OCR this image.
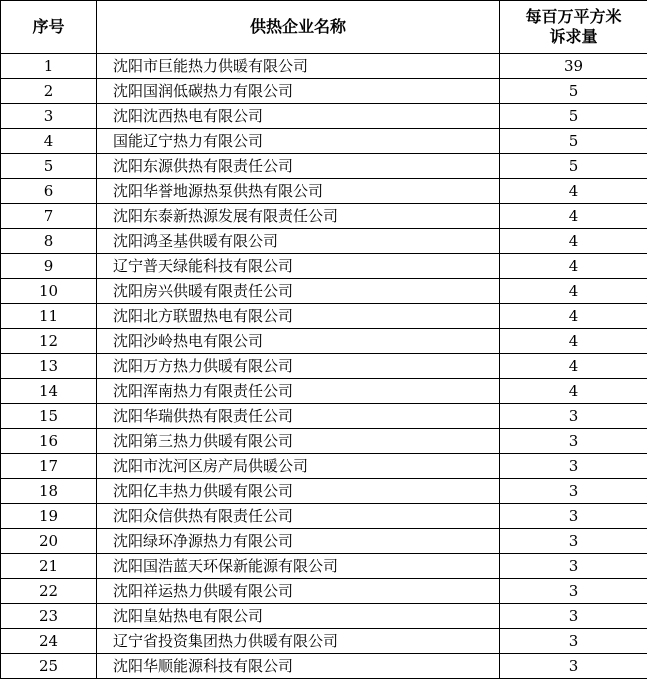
序号	供热企业名称	每百万平方米
诉求量

1	沈阳市巨能热力供暖有限公司	39
2	沈阳国润低碳热力有限公司	5
3	沈阳沈西热电有限公司	5
4	国能辽宁热力有限公司	5
5	沈阳东源供热有限责任公司	5
6	沈阳华誉地源热泵供热有限公司	4
7	沈阳东泰新热源发展有限责任公司	4
8	沈阳鸿圣基供暖有限公司	4
9	辽宁普天绿能科技有限公司	4
10	沈阳房兴供暖有限责任公司	4
11	沈阳北方联盟热电有限公司	4
12	沈阳沙岭热电有限公司	4
13	沈阳万方热力供暖有限公司	4
14	沈阳浑南热力有限责任公司	4
15	沈阳华瑞供热有限责任公司	3
16	沈阳第三热力供暖有限公司	3
17	沈阳市沈河区房产局供暖公司	3
18	沈阳亿丰热力供暖有限公司	3
19	沈阳众信供热有限责任公司	3
20	沈阳绿环净源热力有限公司	3
21	沈阳国浩蓝天环保新能源有限公司	3
22	沈阳祥运热力供暖有限公司	3
23	沈阳皇姑热电有限公司	3
24	辽宁省投资集团热力供暖有限公司	3
25	沈阳华顺能源科技有限公司	3
